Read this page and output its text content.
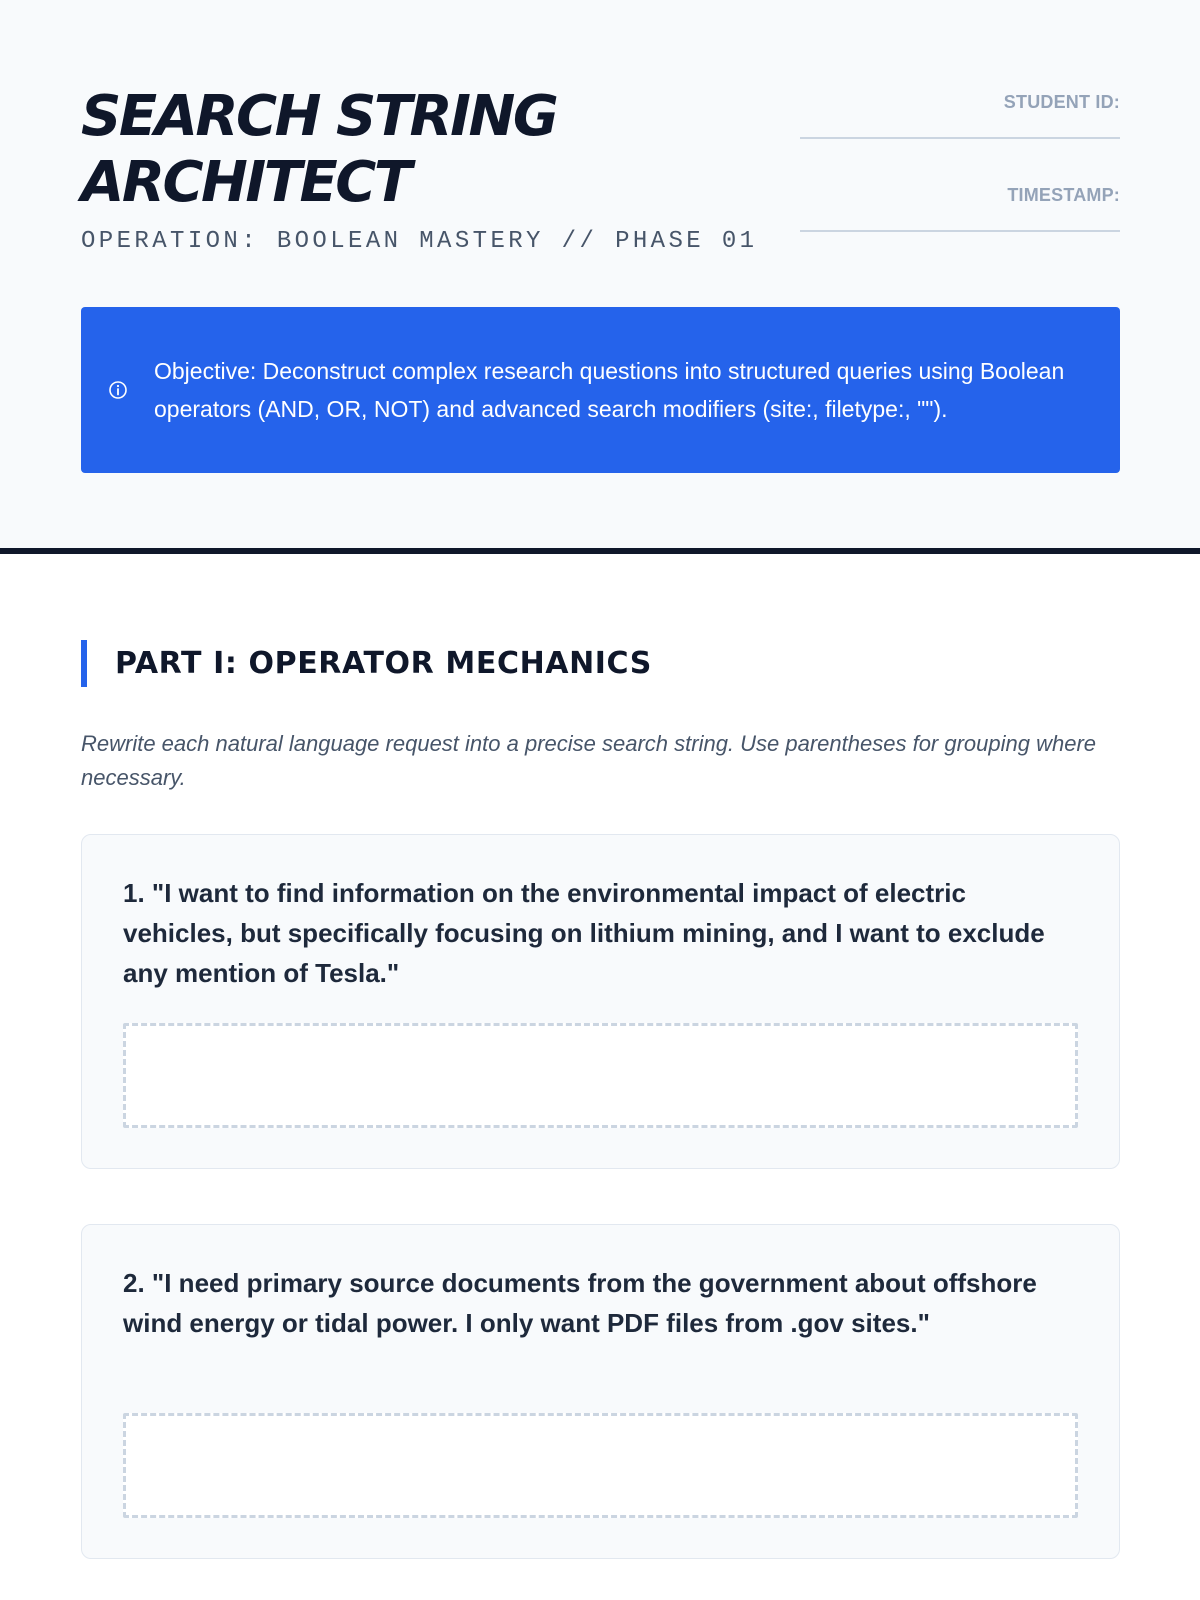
SEARCH STRING ARCHITECT
OPERATION: BOOLEAN MASTERY // PHASE 01
STUDENT ID:
TIMESTAMP:
Objective: Deconstruct complex research questions into structured queries using Boolean operators (AND, OR, NOT) and advanced search modifiers (site:, filetype:, "").
PART I: OPERATOR MECHANICS

Rewrite each natural language request into a precise search string. Use parentheses for grouping where necessary.

1. "I want to find information on the environmental impact of electric vehicles, but specifically focusing on lithium mining, and I want to exclude any mention of Tesla."
2. "I need primary source documents from the government about offshore wind energy or tidal power. I only want PDF files from .gov sites."
